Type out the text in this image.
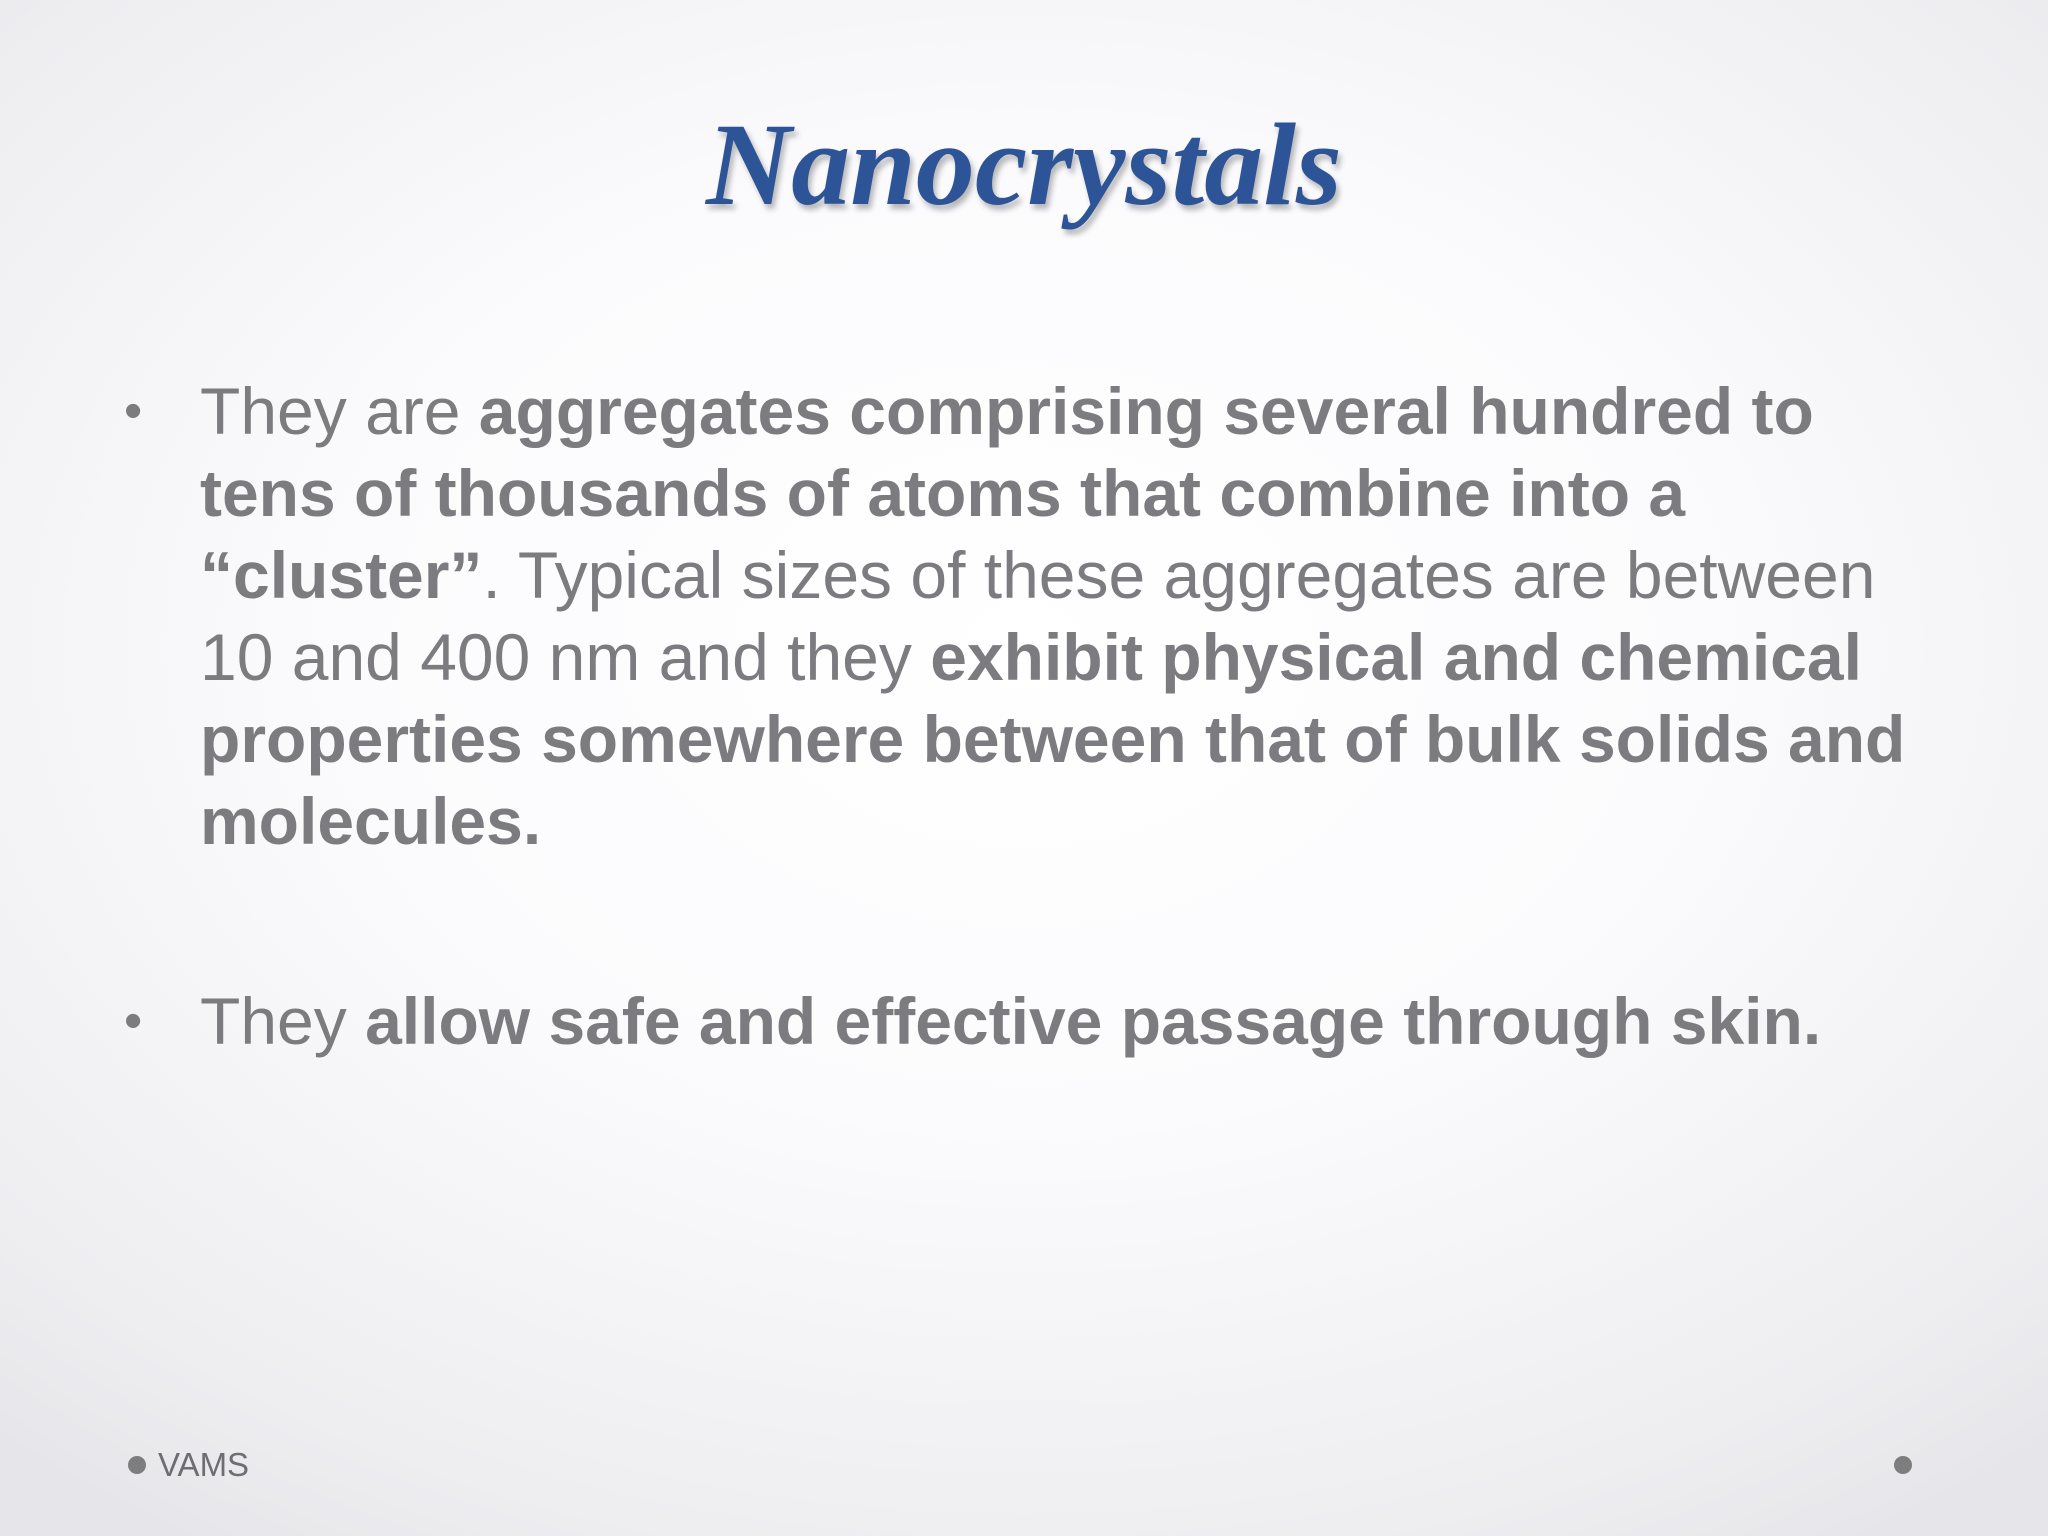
Nanocrystals
• They are aggregates comprising several hundred to tens of thousands of atoms that combine into a “cluster”. Typical sizes of these aggregates are between 10 and 400 nm and they exhibit physical and chemical properties somewhere between that of bulk solids and molecules.
• They allow safe and effective passage through skin.
VAMS
